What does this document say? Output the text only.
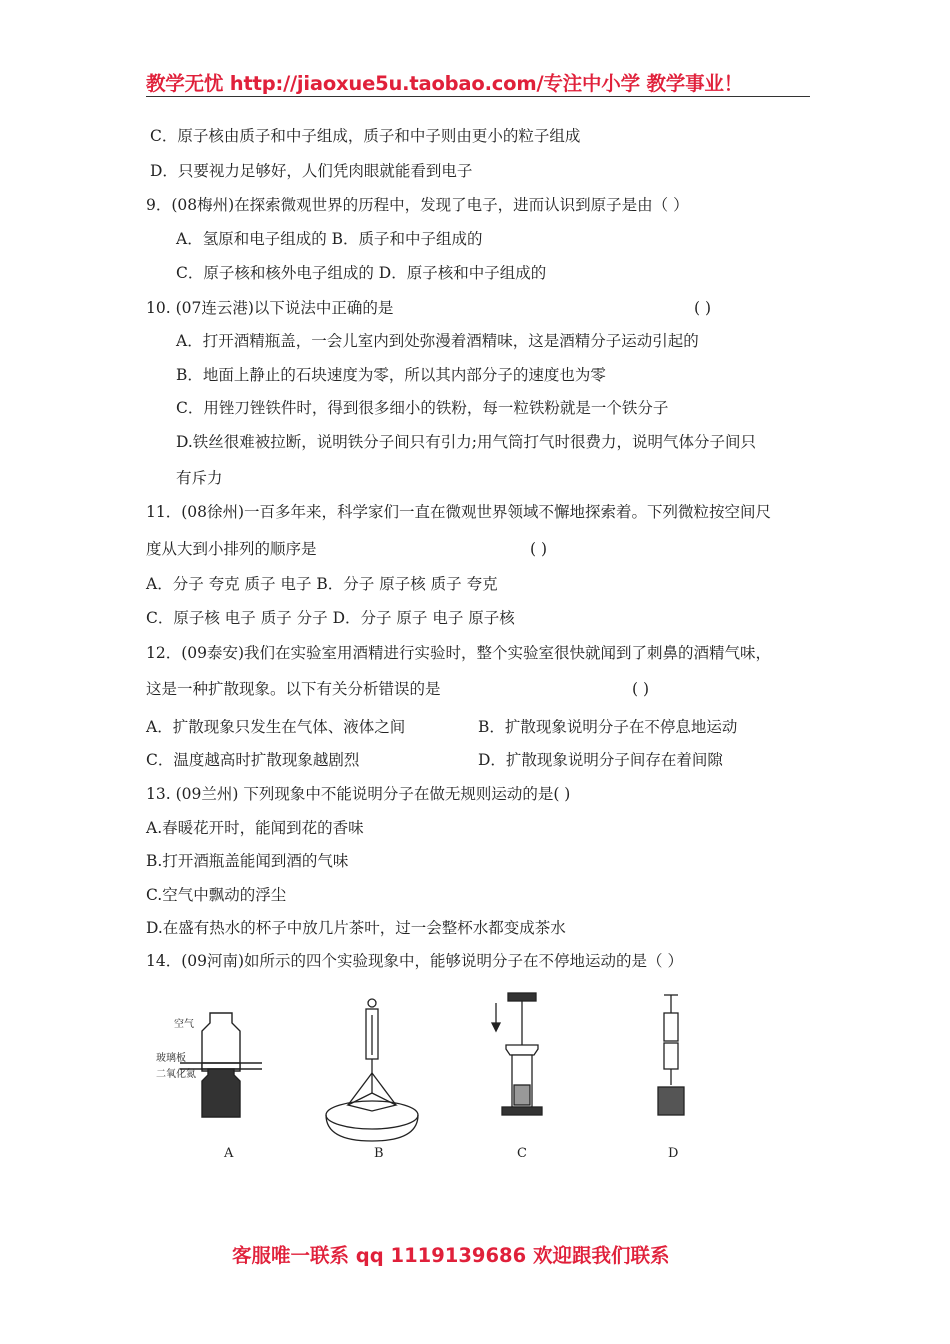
教学无忧 http://jiaoxue5u.taobao.com/专注中小学 教学事业！
C．原子核由质子和中子组成，质子和中子则由更小的粒子组成
D．只要视力足够好，人们凭肉眼就能看到电子
9．(08梅州)在探索微观世界的历程中，发现了电子，进而认识到原子是由（ ）
A．氢原和电子组成的 B．质子和中子组成的
C．原子核和核外电子组成的 D．原子核和中子组成的
10. (07连云港)以下说法中正确的是	( )
A．打开酒精瓶盖，一会儿室内到处弥漫着酒精味，这是酒精分子运动引起的
B．地面上静止的石块速度为零，所以其内部分子的速度也为零
C．用锉刀锉铁件时，得到很多细小的铁粉，每一粒铁粉就是一个铁分子
D.铁丝很难被拉断，说明铁分子间只有引力;用气筒打气时很费力，说明气体分子间只
有斥力
11．(08徐州)一百多年来，科学家们一直在微观世界领域不懈地探索着。下列微粒按空间尺
度从大到小排列的顺序是	( )
A．分子 夸克 质子 电子 B．分子 原子核 质子 夸克
C．原子核 电子 质子 分子 D．分子 原子 电子 原子核
12．(09泰安)我们在实验室用酒精进行实验时，整个实验室很快就闻到了刺鼻的酒精气味，
这是一种扩散现象。以下有关分析错误的是	( )
A．扩散现象只发生在气体、液体之间	B．扩散现象说明分子在不停息地运动
C．温度越高时扩散现象越剧烈	D．扩散现象说明分子间存在着间隙
13. (09兰州) 下列现象中不能说明分子在做无规则运动的是( )
A.春暖花开时，能闻到花的香味
B.打开酒瓶盖能闻到酒的气味
C.空气中飘动的浮尘
D.在盛有热水的杯子中放几片茶叶，过一会整杯水都变成茶水
14．(09河南)如所示的四个实验现象中，能够说明分子在不停地运动的是（ ）
空气
玻璃板
二氧化氮
A	B	C	D
客服唯一联系 qq 1119139686 欢迎跟我们联系
